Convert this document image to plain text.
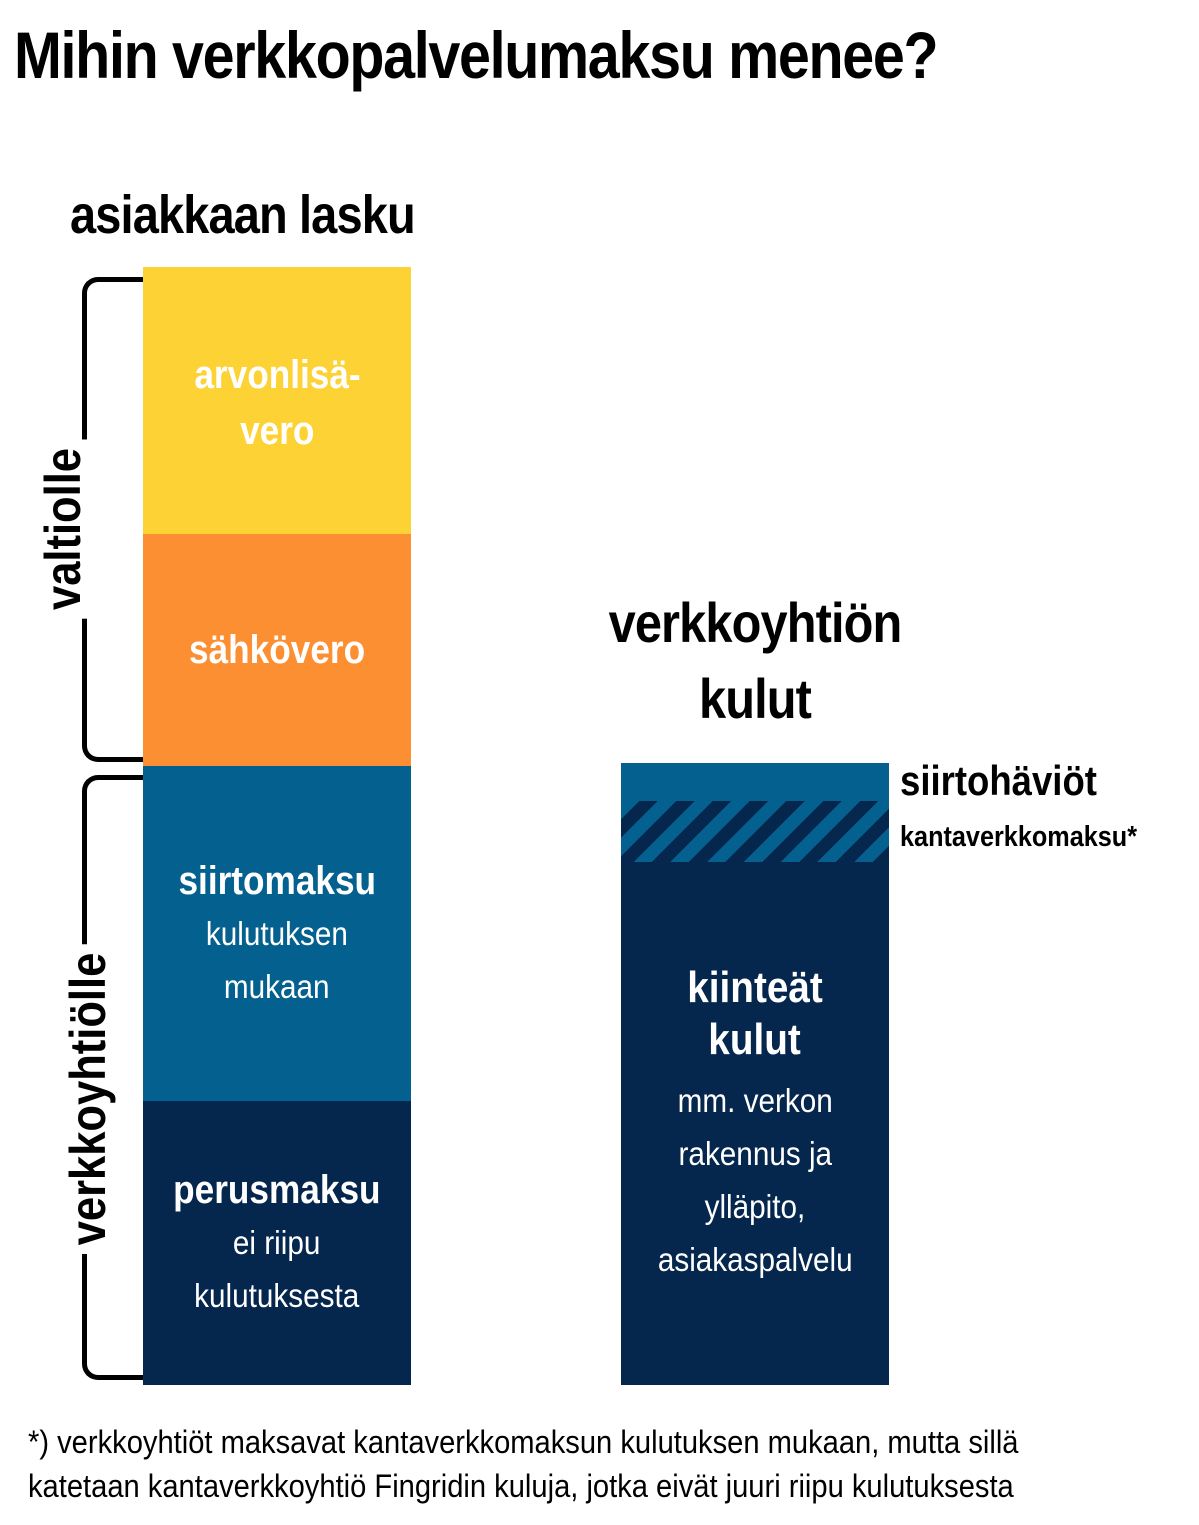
Mihin verkkopalvelumaksu menee?
asiakkaan lasku
verkkoyhtiön
kulut
valtiolle
verkkoyhtiölle
arvonlisä-
vero
sähkövero
siirtomaksu
kulutuksen
mukaan
perusmaksu
ei riipu
kulutuksesta
kiinteät
kulut
mm. verkon
rakennus ja
ylläpito,
asiakaspalvelu
siirtohäviöt
kantaverkkomaksu*
*) verkkoyhtiöt maksavat kantaverkkomaksun kulutuksen mukaan, mutta sillä
katetaan kantaverkkoyhtiö Fingridin kuluja, jotka eivät juuri riipu kulutuksesta
